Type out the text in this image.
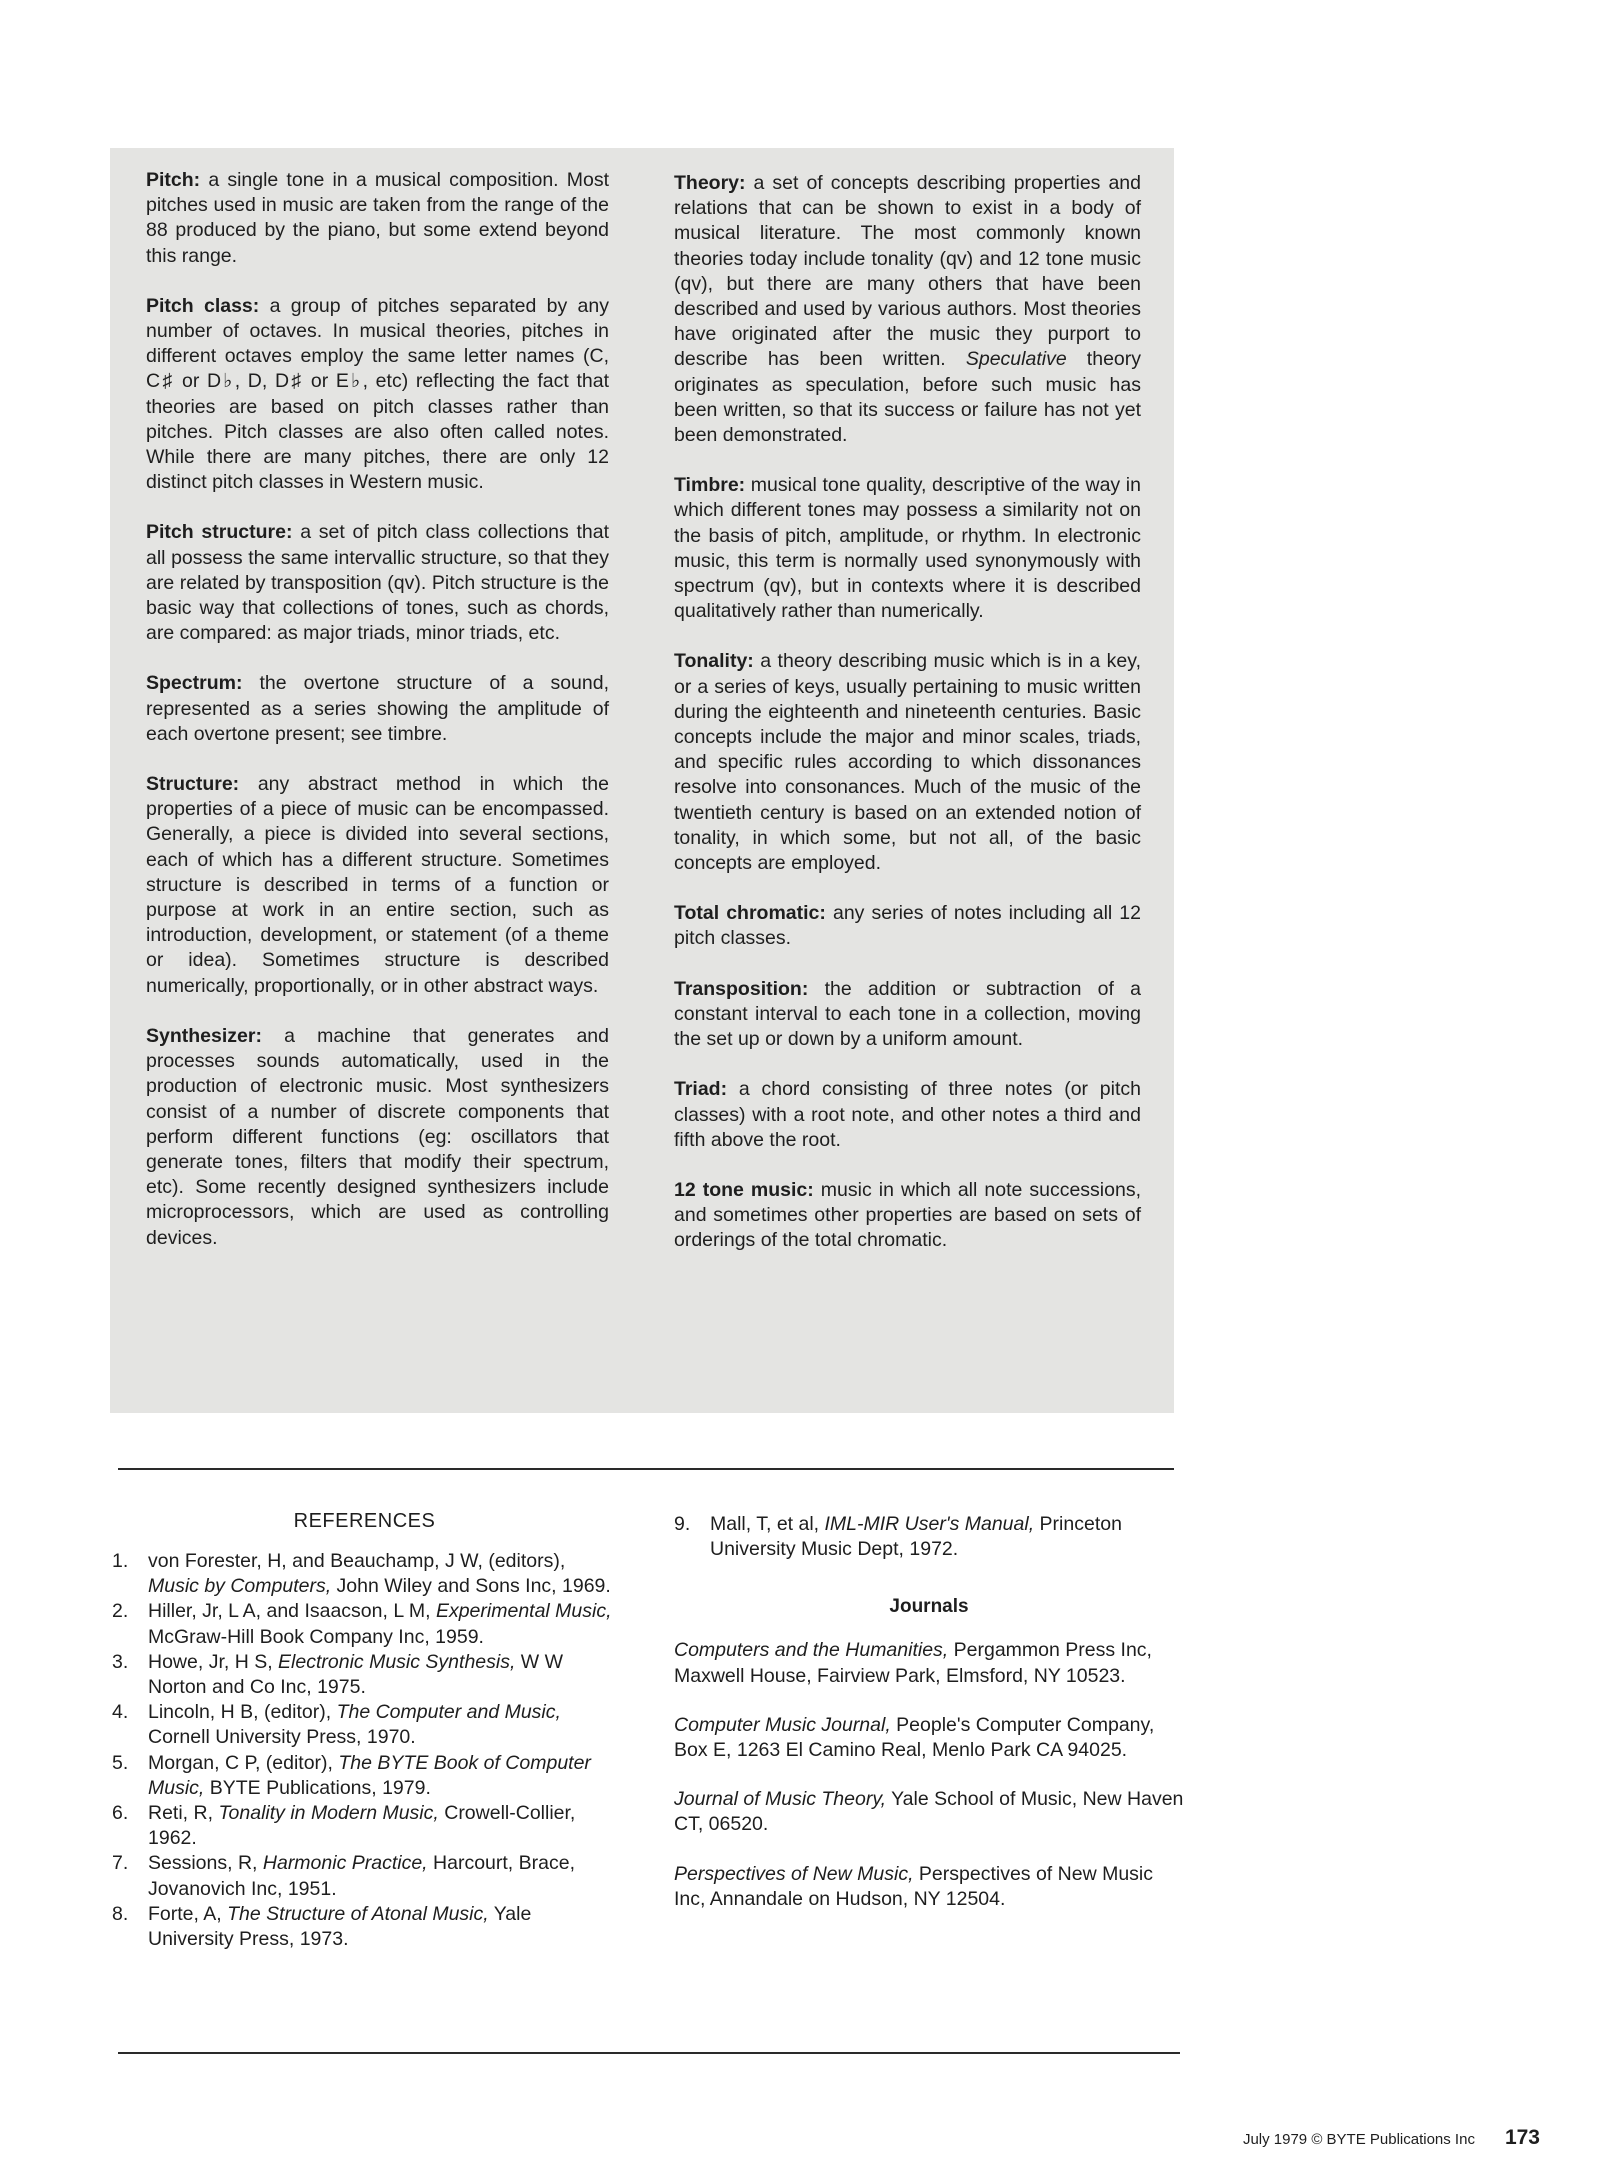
Pitch: a single tone in a musical composition. Most pitches used in music are taken from the range of the 88 produced by the piano, but some extend beyond this range.

Pitch class: a group of pitches separated by any number of octaves. In musical theories, pitches in different octaves employ the same letter names (C, C♯ or D♭, D, D♯ or E♭, etc) reflecting the fact that theories are based on pitch classes rather than pitches. Pitch classes are also often called notes. While there are many pitches, there are only 12 distinct pitch classes in Western music.

Pitch structure: a set of pitch class collections that all possess the same intervallic structure, so that they are related by transposition (qv). Pitch structure is the basic way that collections of tones, such as chords, are compared: as major triads, minor triads, etc.

Spectrum: the overtone structure of a sound, represented as a series showing the amplitude of each overtone present; see timbre.

Structure: any abstract method in which the properties of a piece of music can be encompassed. Generally, a piece is divided into several sections, each of which has a different structure. Sometimes structure is described in terms of a function or purpose at work in an entire section, such as introduction, development, or statement (of a theme or idea). Sometimes structure is described numerically, proportionally, or in other abstract ways.

Synthesizer: a machine that generates and processes sounds automatically, used in the production of electronic music. Most synthesizers consist of a number of discrete components that perform different functions (eg: oscillators that generate tones, filters that modify their spectrum, etc). Some recently designed synthesizers include microprocessors, which are used as controlling devices.

Theory: a set of concepts describing properties and relations that can be shown to exist in a body of musical literature. The most commonly known theories today include tonality (qv) and 12 tone music (qv), but there are many others that have been described and used by various authors. Most theories have originated after the music they purport to describe has been written. Speculative theory originates as speculation, before such music has been written, so that its success or failure has not yet been demonstrated.

Timbre: musical tone quality, descriptive of the way in which different tones may possess a similarity not on the basis of pitch, amplitude, or rhythm. In electronic music, this term is normally used synonymously with spectrum (qv), but in contexts where it is described qualitatively rather than numerically.

Tonality: a theory describing music which is in a key, or a series of keys, usually pertaining to music written during the eighteenth and nineteenth centuries. Basic concepts include the major and minor scales, triads, and specific rules according to which dissonances resolve into consonances. Much of the music of the twentieth century is based on an extended notion of tonality, in which some, but not all, of the basic concepts are employed.

Total chromatic: any series of notes including all 12 pitch classes.

Transposition: the addition or subtraction of a constant interval to each tone in a collection, moving the set up or down by a uniform amount.

Triad: a chord consisting of three notes (or pitch classes) with a root note, and other notes a third and fifth above the root.

12 tone music: music in which all note successions, and sometimes other properties are based on sets of orderings of the total chromatic.

REFERENCES
1.	von Forester, H, and Beauchamp, J W, (editors), Music by Computers, John Wiley and Sons Inc, 1969.
2.	Hiller, Jr, L A, and Isaacson, L M, Experimental Music, McGraw-Hill Book Company Inc, 1959.
3.	Howe, Jr, H S, Electronic Music Synthesis, W W Norton and Co Inc, 1975.
4.	Lincoln, H B, (editor), The Computer and Music, Cornell University Press, 1970.
5.	Morgan, C P, (editor), The BYTE Book of Computer Music, BYTE Publications, 1979.
6.	Reti, R, Tonality in Modern Music, Crowell-Collier, 1962.
7.	Sessions, R, Harmonic Practice, Harcourt, Brace, Jovanovich Inc, 1951.
8.	Forte, A, The Structure of Atonal Music, Yale University Press, 1973.
9.	Mall, T, et al, IML-MIR User's Manual, Princeton University Music Dept, 1972.
Journals

Computers and the Humanities, Pergammon Press Inc, Maxwell House, Fairview Park, Elmsford, NY 10523.

Computer Music Journal, People's Computer Company, Box E, 1263 El Camino Real, Menlo Park CA 94025.

Journal of Music Theory, Yale School of Music, New Haven CT, 06520.

Perspectives of New Music, Perspectives of New Music Inc, Annandale on Hudson, NY 12504.

July 1979 © BYTE Publications Inc 173
